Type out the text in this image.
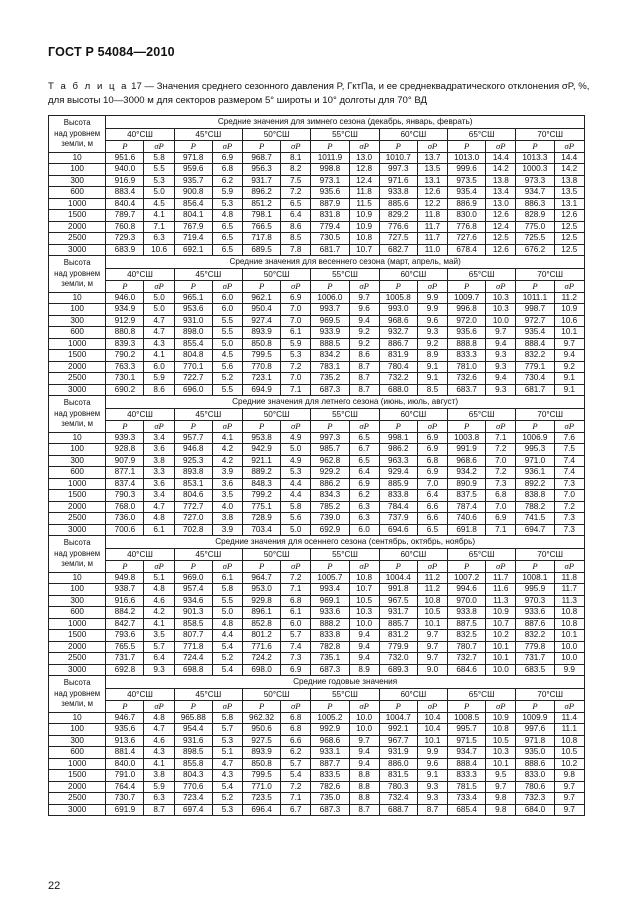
ГОСТ Р 54084—2010
Т а б л и ц а 17 — Значения среднего сезонного давления P, ГктПа, и ее среднеквадратического отклонения σP, %, для высоты 10—3000 м для секторов размером 5° широты и 10° долготы для 70° ВД
Высота
над уровнем
земли, м	Средние значения для зимнего сезона (декабрь, январь, феврать)													
	40°СШ		45°СШ		50°СШ		55°СШ		60°СШ		65°СШ		70°СШ	
	P	σP	P	σP	P	σP	P	σP	P	σP	P	σP	P	σP
10	951.6	5.8	971.8	6.9	968.7	8.1	1011.9	13.0	1010.7	13.7	1013.0	14.4	1013.3	14.4
100	940.0	5.5	959.6	6.8	956.3	8.2	998.8	12.8	997.3	13.5	999.6	14.2	1000.3	14.2
300	916.9	5.3	935.7	6.2	931.7	7.5	973.1	12.4	971.6	13.1	973.5	13.8	973.3	13.8
600	883.4	5.0	900.8	5.9	896.2	7.2	935.6	11.8	933.8	12.6	935.4	13.4	934.7	13.5
1000	840.4	4.5	856.4	5.3	851.2	6.5	887.9	11.5	885.6	12.2	886.9	13.0	886.3	13.1
1500	789.7	4.1	804.1	4.8	798.1	6.4	831.8	10.9	829.2	11.8	830.0	12.6	828.9	12.6
2000	760.8	7.1	767.9	6.5	766.5	8.6	779.4	10.9	776.6	11.7	776.8	12.4	775.0	12.5
2500	729.3	6.3	719.4	6.5	717.8	8.5	730.5	10.8	727.5	11.7	727.6	12.5	725.5	12.5
3000	683.9	10.6	692.1	6.5	689.5	7.8	681.7	10.7	682.7	11.0	678.4	12.6	676.2	12.5

Высота
над уровнем
земли, м	Средние значения для весеннего сезона (март, апрель, май)													
	40°СШ		45°СШ		50°СШ		55°СШ		60°СШ		65°СШ		70°СШ	
	P	σP	P	σP	P	σP	P	σP	P	σP	P	σP	P	σP
10	946.0	5.0	965.1	6.0	962.1	6.9	1006.0	9.7	1005.8	9.9	1009.7	10.3	1011.1	11.2
100	934.9	5.0	953.6	6.0	950.4	7.0	993.7	9.6	993.0	9.9	996.8	10.3	998.7	10.9
300	912.9	4.7	931.0	5.5	927.4	7.0	969.5	9.4	968.6	9.6	972.0	10.0	972.7	10.6
600	880.8	4.7	898.0	5.5	893.9	6.1	933.9	9.2	932.7	9.3	935.6	9.7	935.4	10.1
1000	839.3	4.3	855.4	5.0	850.8	5.9	888.5	9.2	886.7	9.2	888.8	9.4	888.4	9.7
1500	790.2	4.1	804.8	4.5	799.5	5.3	834.2	8.6	831.9	8.9	833.3	9.3	832.2	9.4
2000	763.3	6.0	770.1	5.6	770.8	7.2	783.1	8.7	780.4	9.1	781.0	9.3	779.1	9.2
2500	730.1	5.9	722.7	5.2	723.1	7.0	735.2	8.7	732.2	9.1	732.6	9.4	730.4	9.1
3000	690.2	8.6	696.0	5.5	694.9	7.1	687.3	8.7	688.0	8.5	683.7	9.3	681.7	9.1

Высота
над уровнем
земли, м	Средние значения для летнего сезона (июнь, июль, август)													
	40°СШ		45°СШ		50°СШ		55°СШ		60°СШ		65°СШ		70°СШ	
	P	σP	P	σP	P	σP	P	σP	P	σP	P	σP	P	σP
10	939.3	3.4	957.7	4.1	953.8	4.9	997.3	6.5	998.1	6.9	1003.8	7.1	1006.9	7.6
100	928.8	3.6	946.8	4.2	942.9	5.0	985.7	6.7	986.2	6.9	991.9	7.2	995.3	7.5
300	907.9	3.8	925.3	4.2	921.1	4.9	962.8	6.5	963.3	6.8	968.6	7.0	971.0	7.4
600	877.1	3.3	893.8	3.9	889.2	5.3	929.2	6.4	929.4	6.9	934.2	7.2	936.1	7.4
1000	837.4	3.6	853.1	3.6	848.3	4.4	886.2	6.9	885.9	7.0	890.9	7.3	892.2	7.3
1500	790.3	3.4	804.6	3.5	799.2	4.4	834.3	6.2	833.8	6.4	837.5	6.8	838.8	7.0
2000	768.0	4.7	772.7	4.0	775.1	5.8	785.2	6.3	784.4	6.6	787.4	7.0	788.2	7.2
2500	736.0	4.8	727.0	3.8	728.9	5.6	739.0	6.3	737.9	6.6	740.6	6.9	741.5	7.3
3000	700.6	6.1	702.8	3.9	703.4	5.0	692.9	6.0	694.6	6.5	691.8	7.1	694.7	7.3

Высота
над уровнем
земли, м	Средние значения для осеннего сезона (сентябрь, октябрь, ноябрь)													
	40°СШ		45°СШ		50°СШ		55°СШ		60°СШ		65°СШ		70°СШ	
	P	σP	P	σP	P	σP	P	σP	P	σP	P	σP	P	σP
10	949.8	5.1	969.0	6.1	964.7	7.2	1005.7	10.8	1004.4	11.2	1007.2	11.7	1008.1	11.8
100	938.7	4.8	957.4	5.8	953.0	7.1	993.4	10.7	991.8	11.2	994.6	11.6	995.9	11.7
300	916.6	4.6	934.6	5.5	929.8	6.8	969.1	10.5	967.5	10.8	970.0	11.3	970.3	11.3
600	884.2	4.2	901.3	5.0	896.1	6.1	933.6	10.3	931.7	10.5	933.8	10.9	933.6	10.8
1000	842.7	4.1	858.5	4.8	852.8	6.0	888.2	10.0	885.7	10.1	887.5	10.7	887.6	10.8
1500	793.6	3.5	807.7	4.4	801.2	5.7	833.8	9.4	831.2	9.7	832.5	10.2	832.2	10.1
2000	765.5	5.7	771.8	5.4	771.6	7.4	782.8	9.4	779.9	9.7	780.7	10.1	779.8	10.0
2500	731.7	6.4	724.4	5.2	724.2	7.3	735.1	9.4	732.0	9.7	732.7	10.1	731.7	10.0
3000	692.8	9.3	698.8	5.4	698.0	6.9	687.3	8.9	689.3	9.0	684.6	10.0	683.5	9.9

Высота
над уровнем
земли, м	Средние годовые значения													
	40°СШ		45°СШ		50°СШ		55°СШ		60°СШ		65°СШ		70°СШ	
	P	σP	P	σP	P	σP	P	σP	P	σP	P	σP	P	σP
10	946.7	4.8	965.88	5.8	962.32	6.8	1005.2	10.0	1004.7	10.4	1008.5	10.9	1009.9	11.4
100	935.6	4.7	954.4	5.7	950.6	6.8	992.9	10.0	992.1	10.4	995.7	10.8	997.6	11.1
300	913.6	4.6	931.6	5.3	927.5	6.6	968.6	9.7	967.7	10.1	971.5	10.5	971.8	10.8
600	881.4	4.3	898.5	5.1	893.9	6.2	933.1	9.4	931.9	9.9	934.7	10.3	935.0	10.5
1000	840.0	4.1	855.8	4.7	850.8	5.7	887.7	9.4	886.0	9.6	888.4	10.1	888.6	10.2
1500	791.0	3.8	804.3	4.3	799.5	5.4	833.5	8.8	831.5	9.1	833.3	9.5	833.0	9.8
2000	764.4	5.9	770.6	5.4	771.0	7.2	782.6	8.8	780.3	9.3	781.5	9.7	780.6	9.7
2500	730.7	6.3	723.4	5.2	723.5	7.1	735.0	8.8	732.4	9.3	733.4	9.8	732.3	9.7
3000	691.9	8.7	697.4	5.3	696.4	6.7	687.3	8.7	688.7	8.7	685.4	9.8	684.0	9.7
22
